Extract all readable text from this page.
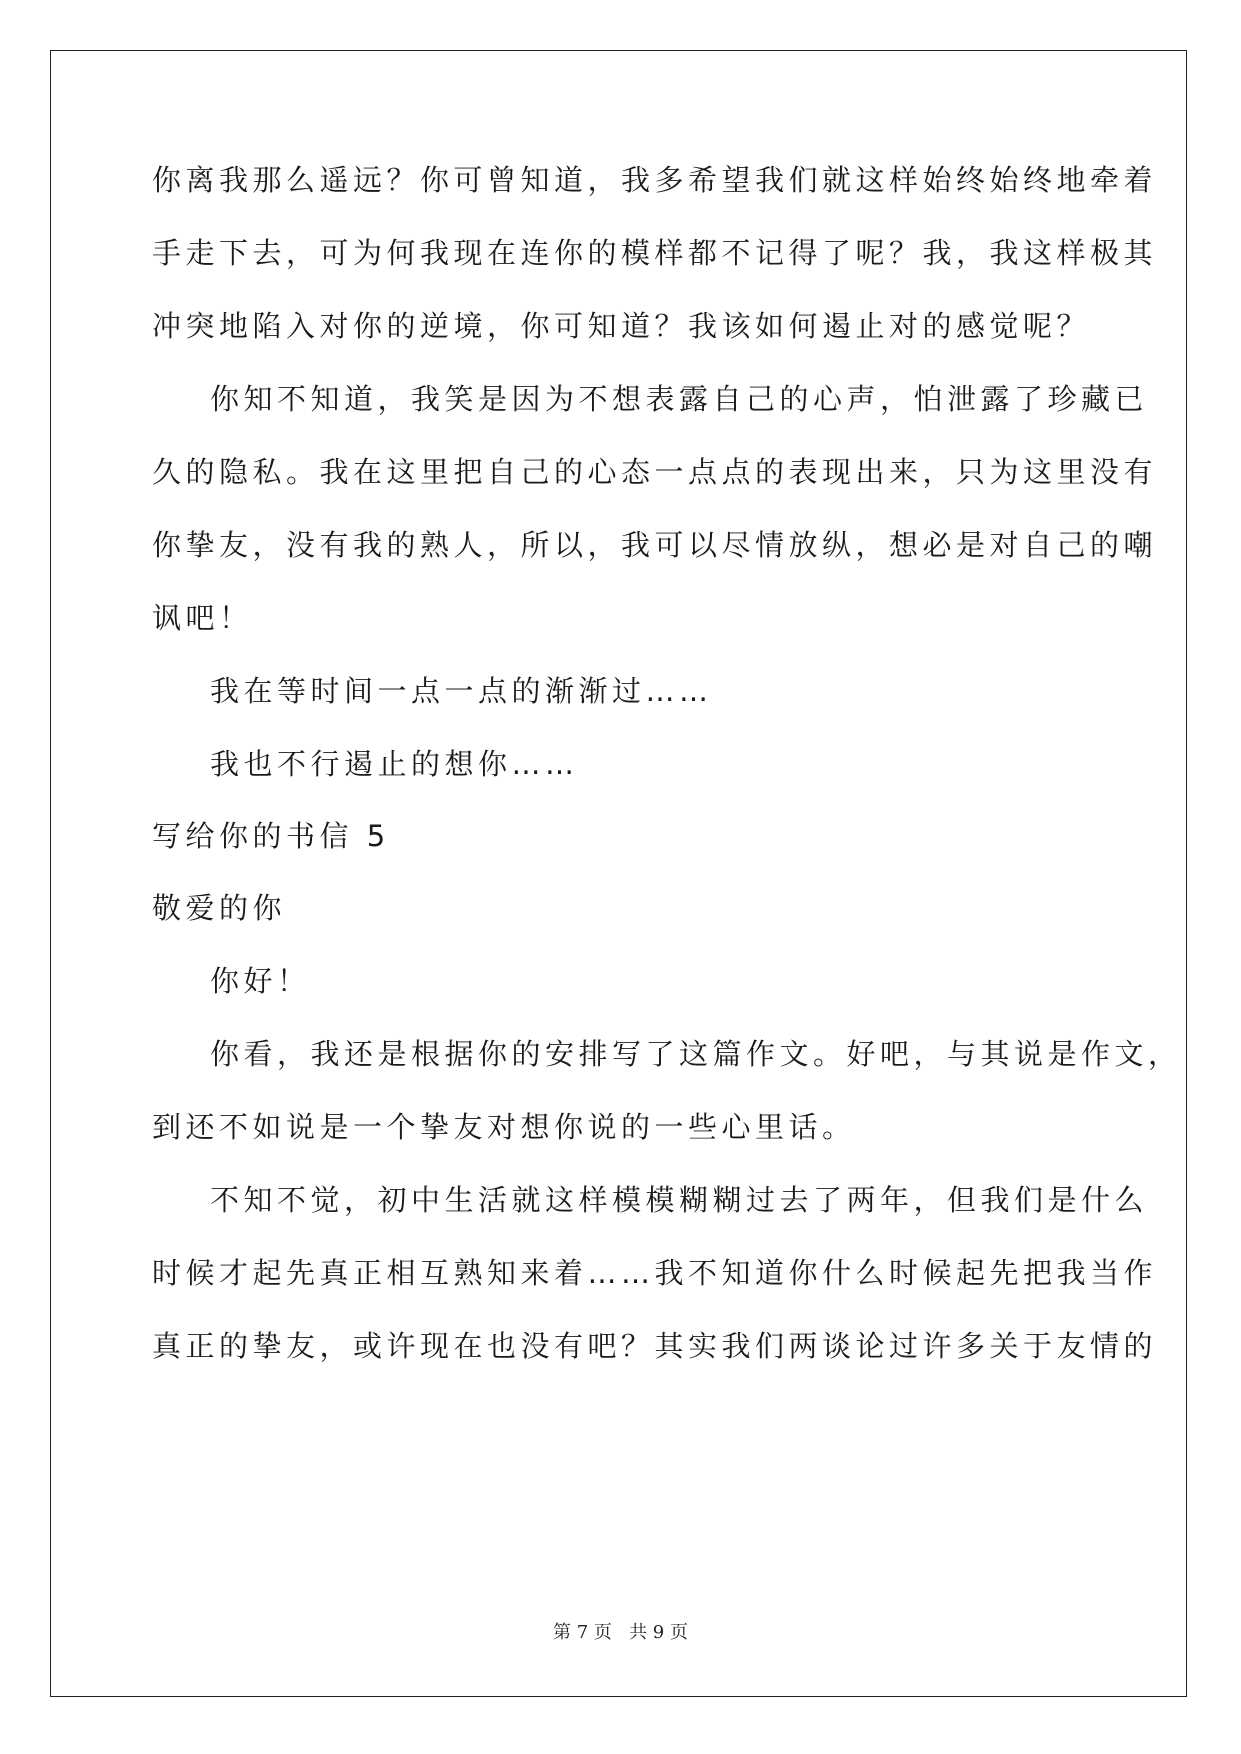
你离我那么遥远？你可曾知道，我多希望我们就这样始终始终地牵着
手走下去，可为何我现在连你的模样都不记得了呢？我，我这样极其
冲突地陷入对你的逆境，你可知道？我该如何遏止对的感觉呢？
你知不知道，我笑是因为不想表露自己的心声，怕泄露了珍藏已
久的隐私。我在这里把自己的心态一点点的表现出来，只为这里没有
你挚友，没有我的熟人，所以，我可以尽情放纵，想必是对自己的嘲
讽吧！
我在等时间一点一点的渐渐过……
我也不行遏止的想你……
写给你的书信 5
敬爱的你
你好！
你看，我还是根据你的安排写了这篇作文。好吧，与其说是作文，
到还不如说是一个挚友对想你说的一些心里话。
不知不觉，初中生活就这样模模糊糊过去了两年，但我们是什么
时候才起先真正相互熟知来着……我不知道你什么时候起先把我当作
真正的挚友，或许现在也没有吧？其实我们两谈论过许多关于友情的
第 7 页   共 9 页
